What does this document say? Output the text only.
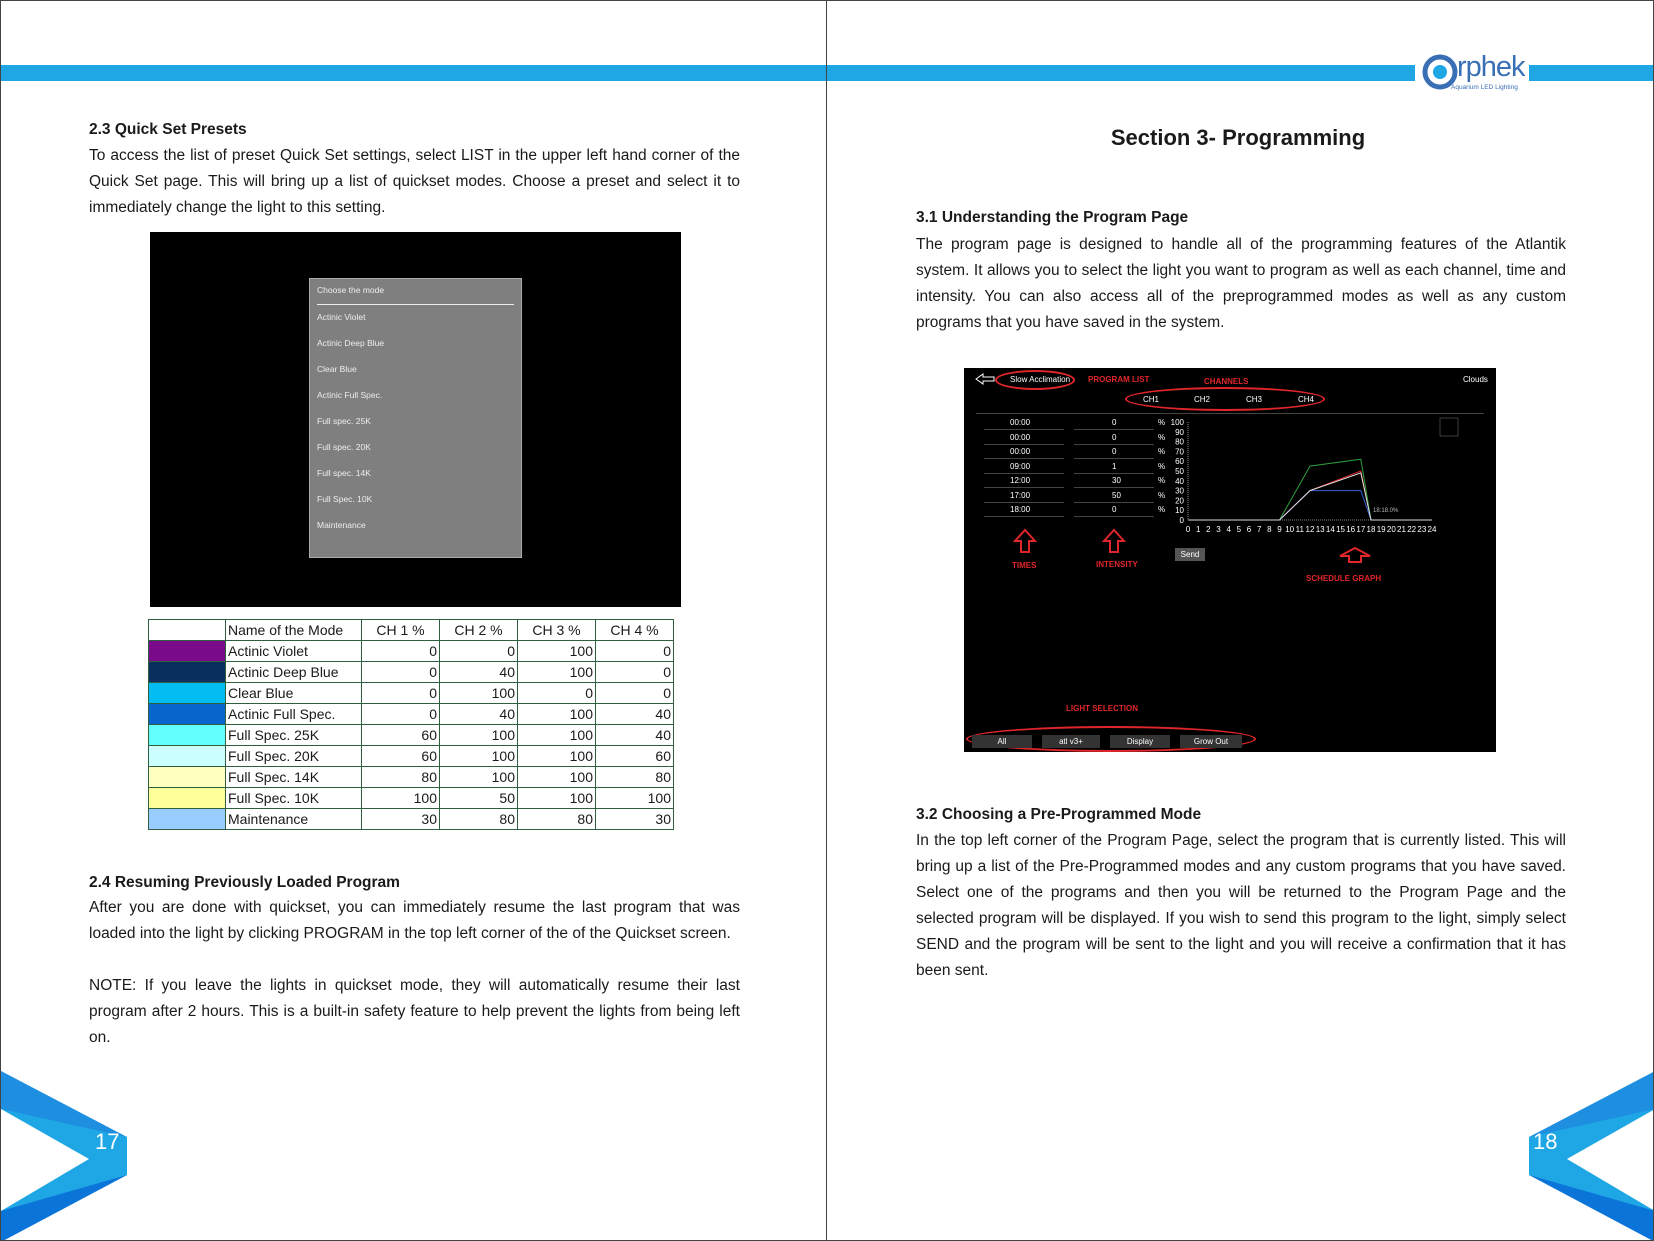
2.3 Quick Set Presets
To access the list of preset Quick Set settings, select LIST in the upper left hand corner of the Quick Set page. This will bring up a list of quickset modes. Choose a preset and select it to immediately change the light to this setting.
Choose the mode
Actinic Violet
Actinic Deep Blue
Clear Blue
Actinic Full Spec.
Full spec. 25K
Full spec. 20K
Full spec. 14K
Full Spec. 10K
Maintenance
	Name of the Mode	CH 1 %	CH 2 %	CH 3 %	CH 4 %
	Actinic Violet	0	0	100	0
	Actinic Deep Blue	0	40	100	0
	Clear Blue	0	100	0	0
	Actinic Full Spec.	0	40	100	40
	Full Spec. 25K	60	100	100	40
	Full Spec. 20K	60	100	100	60
	Full Spec. 14K	80	100	100	80
	Full Spec. 10K	100	50	100	100
	Maintenance	30	80	80	30
2.4 Resuming Previously Loaded Program
After you are done with quickset, you can immediately resume the last program that was loaded into the light by clicking PROGRAM in the top left corner of the of the Quickset screen.
NOTE: If you leave the lights in quickset mode, they will automatically resume their last program after 2 hours. This is a built-in safety feature to help prevent the lights from being left on.
17
rphek
Aquarium LED Lighting
Section 3- Programming
3.1 Understanding the Program Page
The program page is designed to handle all of the programming features of the Atlantik system. It allows you to select the light you want to program as well as each channel, time and intensity. You can also access all of the preprogrammed modes as well as any custom programs that you have saved in the system.
Slow Acclimation PROGRAM LIST	CHANNELS	Clouds
CH1	CH2	CH3	CH4
00:00	0	%
00:00	0	%
00:00	0	%
09:00	1	%
12:00	30	%
17:00	50	%
18:00	0	%
TIMES	INTENSITY
SCHEDULE GRAPH
Send
100
90
80
70
60
50
40
30
20
10
0
0 1 2 3 4 5 6 7 8 9 10 11 12 13 14 15 16 17 18 19 20 21 22 23 24
18:18.0%
LIGHT SELECTION
All	atl v3+	Display	Grow Out
3.2 Choosing a Pre-Programmed Mode
In the top left corner of the Program Page, select the program that is currently listed. This will bring up a list of the Pre-Programmed modes and any custom programs that you have saved. Select one of the programs and then you will be returned to the Program Page and the selected program will be displayed. If you wish to send this program to the light, simply select SEND and the program will be sent to the light and you will receive a confirmation that it has been sent.
18
